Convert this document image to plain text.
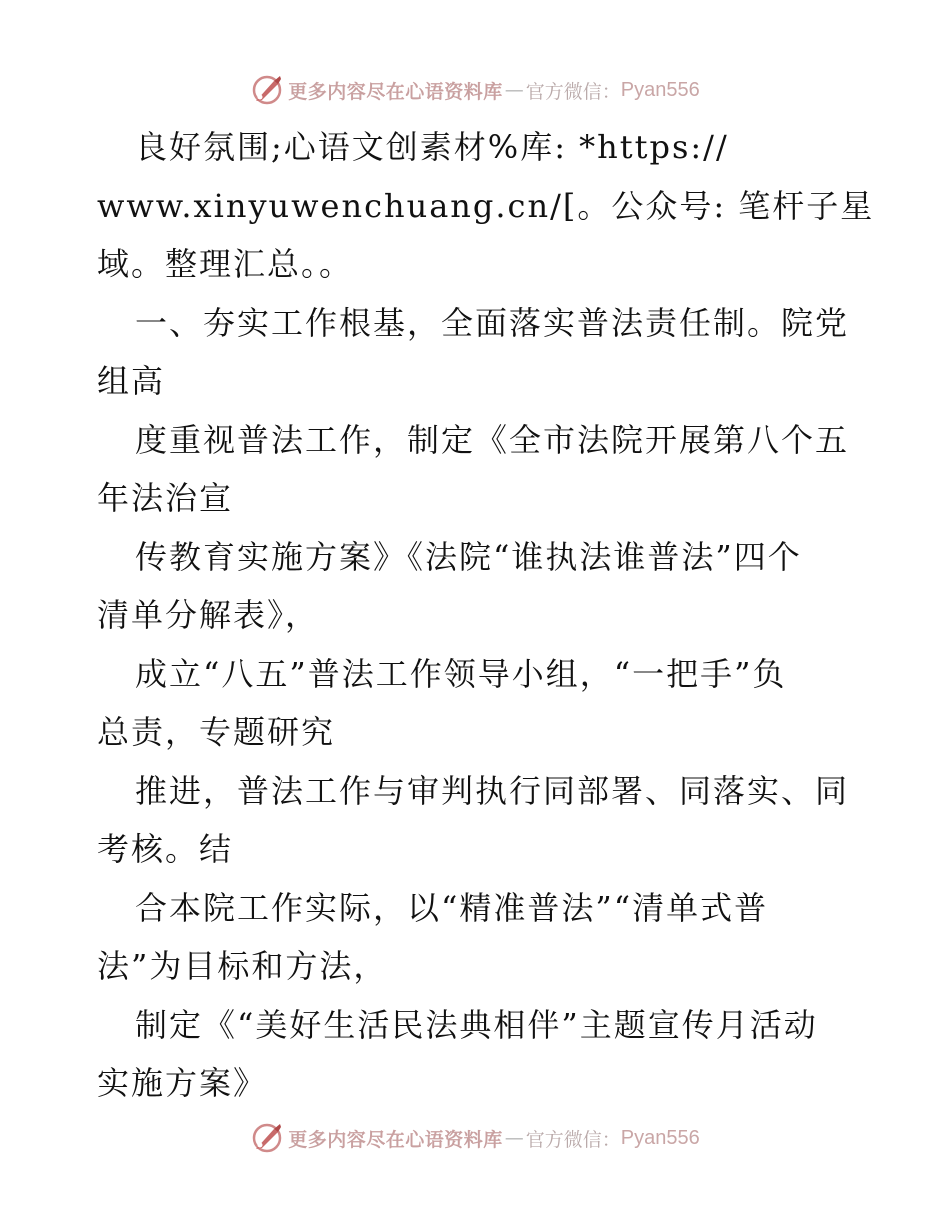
更多内容尽在心语资料库 — 官方微信： Pyan556
良好氛围;心语文创素材%库: *https://
www.xinyuwenchuang.cn/[。公众号: 笔杆子星
域。整理汇总。。
一、夯实工作根基，全面落实普法责任制。院党
组高
度重视普法工作，制定《全市法院开展第八个五
年法治宣
传教育实施方案》《法院“谁执法谁普法”四个
清单分解表》，
成立“八五”普法工作领导小组，“一把手”负
总责，专题研究
推进，普法工作与审判执行同部署、同落实、同
考核。结
合本院工作实际，以“精准普法”“清单式普
法”为目标和方法，
制定《“美好生活民法典相伴”主题宣传月活动
实施方案》
更多内容尽在心语资料库 — 官方微信： Pyan556
